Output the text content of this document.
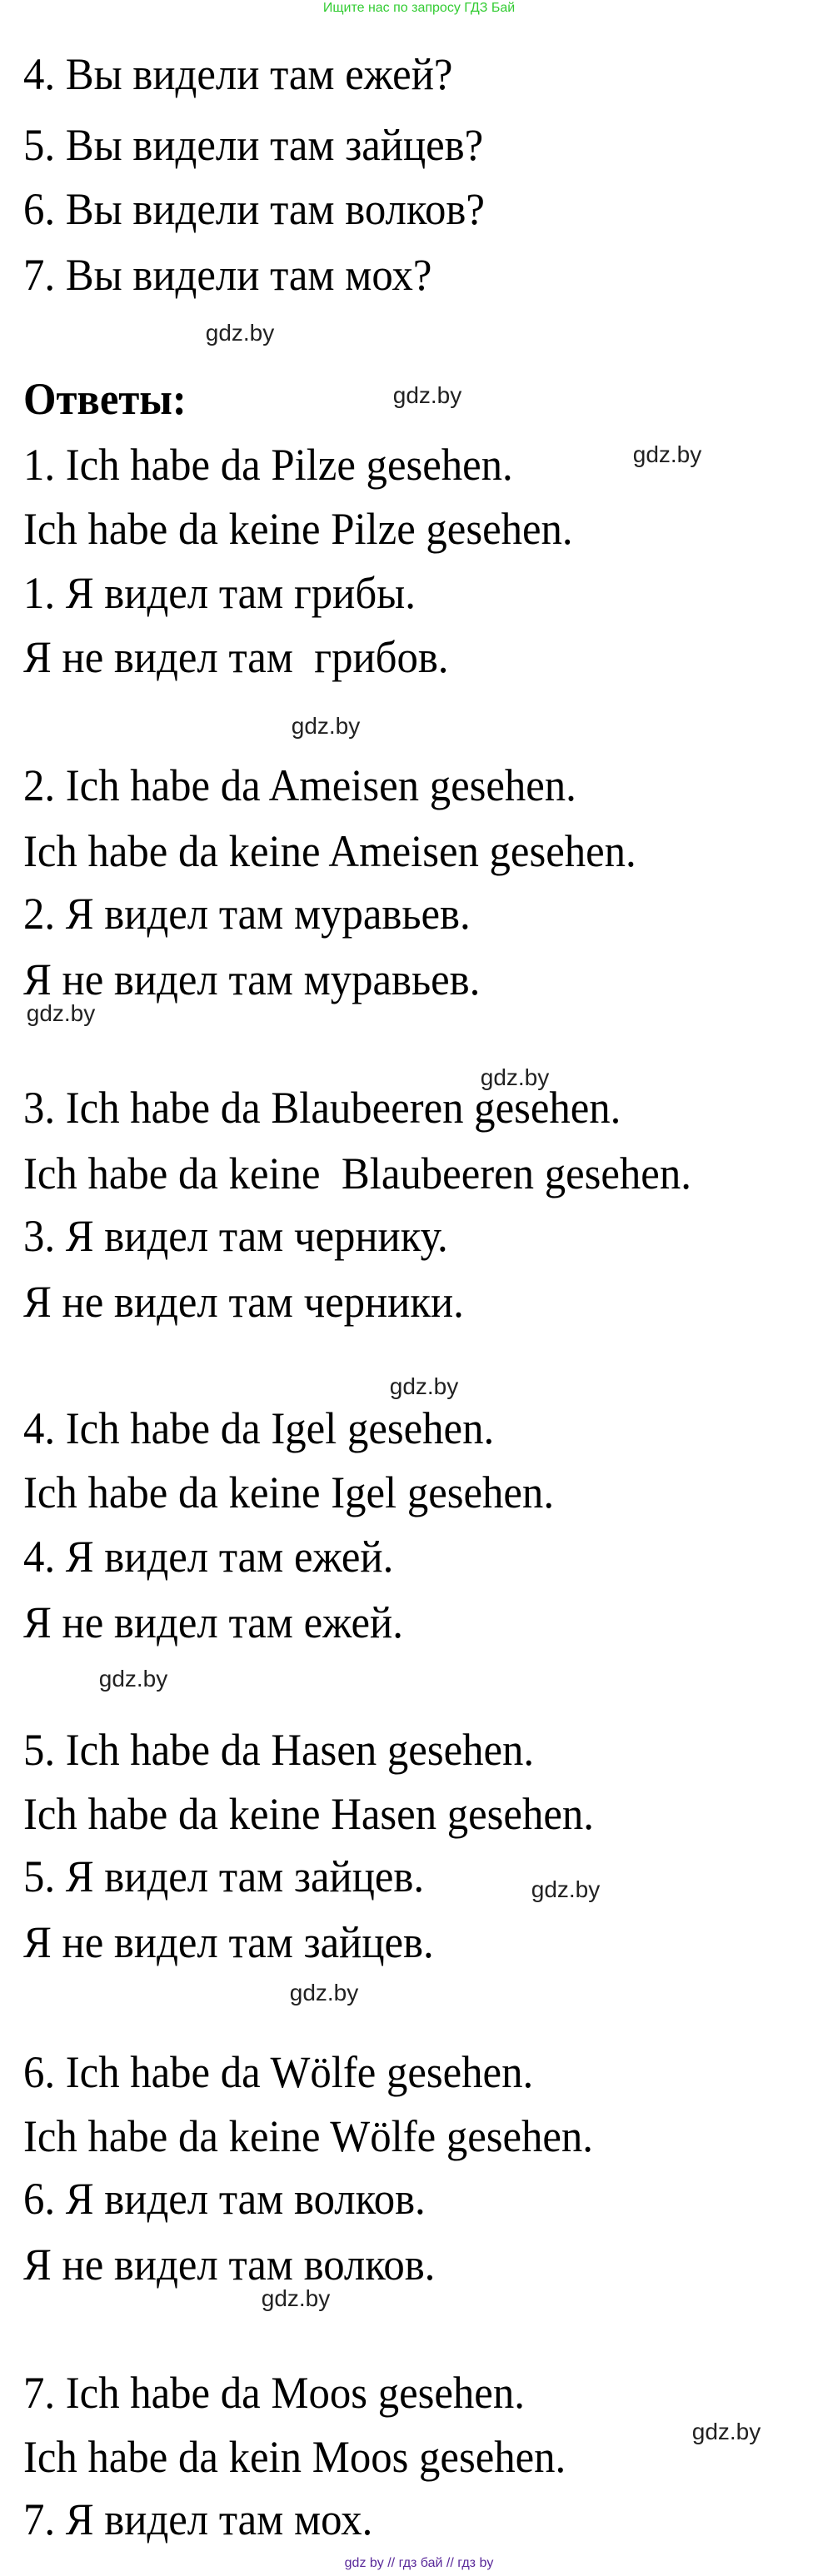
Ищите нас по запросу ГДЗ Бай
4. Вы видели там ежей?
5. Вы видели там зайцев?
6. Вы видели там волков?
7. Вы видели там мох?
Ответы:
1. Ich habe da Pilze gesehen.
Ich habe da keine Pilze gesehen.
1. Я видел там грибы.
Я не видел там  грибов.
2. Ich habe da Ameisen gesehen.
Ich habe da keine Ameisen gesehen.
2. Я видел там муравьев.
Я не видел там муравьев.
3. Ich habe da Blaubeeren gesehen.
Ich habe da keine  Blaubeeren gesehen.
3. Я видел там чернику.
Я не видел там черники.
4. Ich habe da Igel gesehen.
Ich habe da keine Igel gesehen.
4. Я видел там ежей.
Я не видел там ежей.
5. Ich habe da Hasen gesehen.
Ich habe da keine Hasen gesehen.
5. Я видел там зайцев.
Я не видел там зайцев.
6. Ich habe da Wölfe gesehen.
Ich habe da keine Wölfe gesehen.
6. Я видел там волков.
Я не видел там волков.
7. Ich habe da Moos gesehen.
Ich habe da kein Moos gesehen.
7. Я видел там мох.
gdz.by
gdz.by
gdz.by
gdz.by
gdz.by
gdz.by
gdz.by
gdz.by
gdz.by
gdz.by
gdz.by
gdz.by
gdz by // гдз бай // гдз by
